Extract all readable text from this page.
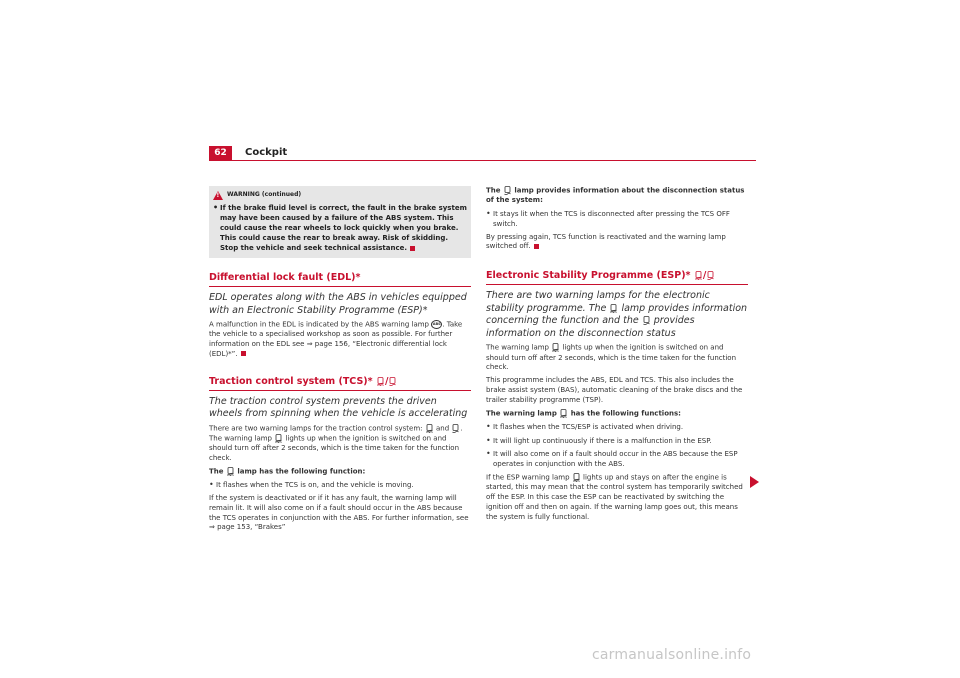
62	Cockpit
!
WARNING (continued)
• If the brake fluid level is correct, the fault in the brake system may have been caused by a failure of the ABS system. This could cause the rear wheels to lock quickly when you brake. This could cause the rear to break away. Risk of skidding. Stop the vehicle and seek technical assistance.
Differential lock fault (EDL)*
EDL operates along with the ABS in vehicles equipped with an Electronic Stability Programme (ESP)*

A malfunction in the EDL is indicated by the ABS warning lamp ABS . Take the vehicle to a specialised workshop as soon as possible. For further information on the EDL see ⇒ page 156, “Electronic differential lock (EDL)*”.

Traction control system (TCS)* /
The traction control system prevents the driven wheels from spinning when the vehicle is accelerating

There are two warning lamps for the traction control system: and . The warning lamp lights up when the ignition is switched on and should turn off after 2 seconds, which is the time taken for the function check.

The lamp has the following function:

• It flashes when the TCS is on, and the vehicle is moving.

If the system is deactivated or if it has any fault, the warning lamp will remain lit. It will also come on if a fault should occur in the ABS because the TCS operates in conjunction with the ABS. For further information, see ⇒ page 153, “Brakes”

The lamp provides information about the disconnection status of the system:

• It stays lit when the TCS is disconnected after pressing the TCS OFF switch.

By pressing again, TCS function is reactivated and the warning lamp switched off.

Electronic Stability Programme (ESP)* /
There are two warning lamps for the electronic stability programme. The lamp provides information concerning the function and the provides information on the disconnection status

The warning lamp lights up when the ignition is switched on and should turn off after 2 seconds, which is the time taken for the function check.

This programme includes the ABS, EDL and TCS. This also includes the brake assist system (BAS), automatic cleaning of the brake discs and the trailer stability programme (TSP).

The warning lamp has the following functions:

• It flashes when the TCS/ESP is activated when driving.

• It will light up continuously if there is a malfunction in the ESP.

• It will also come on if a fault should occur in the ABS because the ESP operates in conjunction with the ABS.

If the ESP warning lamp lights up and stays on after the engine is started, this may mean that the control system has temporarily switched off the ESP. In this case the ESP can be reactivated by switching the ignition off and then on again. If the warning lamp goes out, this means the system is fully functional.

carmanualsonline.info
